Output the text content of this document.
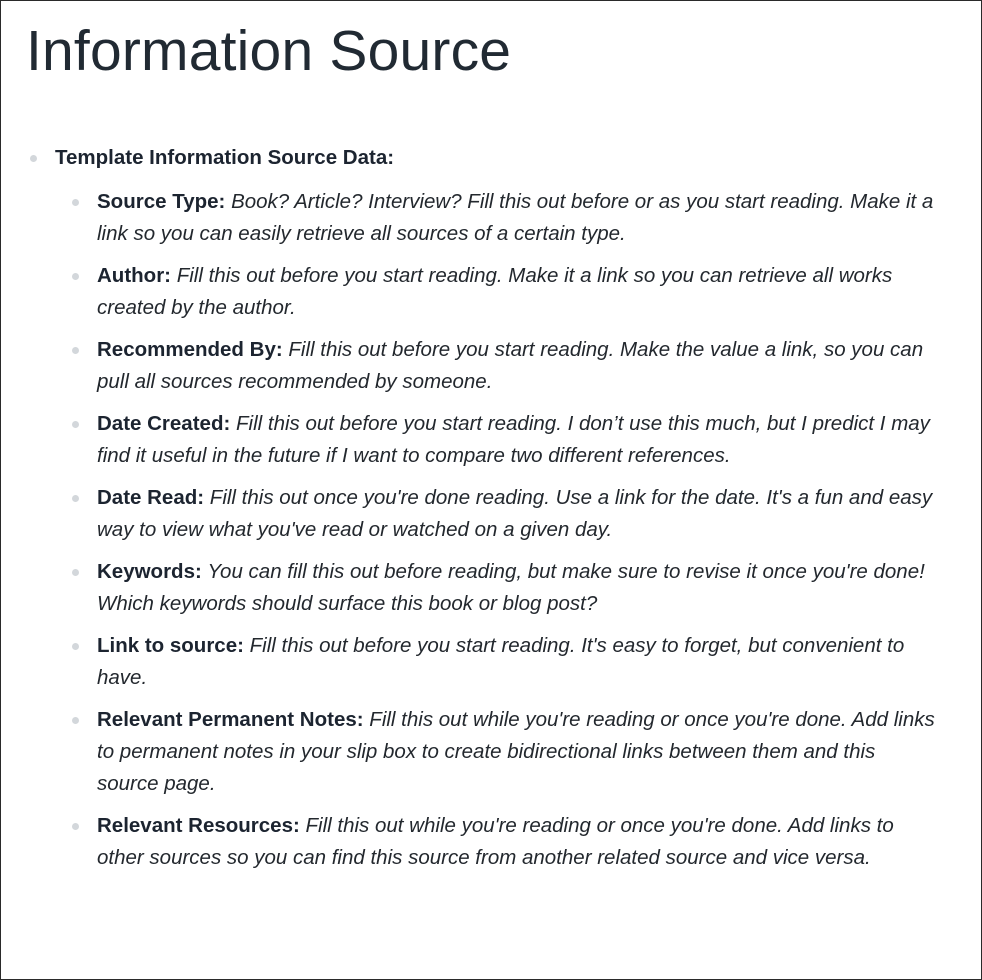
Information Source
Template Information Source Data:
Source Type: Book? Article? Interview? Fill this out before or as you start reading. Make it a link so you can easily retrieve all sources of a certain type.
Author: Fill this out before you start reading. Make it a link so you can retrieve all works created by the author.
Recommended By: Fill this out before you start reading. Make the value a link, so you can pull all sources recommended by someone.
Date Created: Fill this out before you start reading. I don’t use this much, but I predict I may find it useful in the future if I want to compare two different references.
Date Read: Fill this out once you're done reading. Use a link for the date. It's a fun and easy way to view what you've read or watched on a given day.
Keywords: You can fill this out before reading, but make sure to revise it once you're done! Which keywords should surface this book or blog post?
Link to source: Fill this out before you start reading. It's easy to forget, but convenient to have.
Relevant Permanent Notes: Fill this out while you're reading or once you're done. Add links to permanent notes in your slip box to create bidirectional links between them and this source page.
Relevant Resources: Fill this out while you're reading or once you're done. Add links to other sources so you can find this source from another related source and vice versa.
